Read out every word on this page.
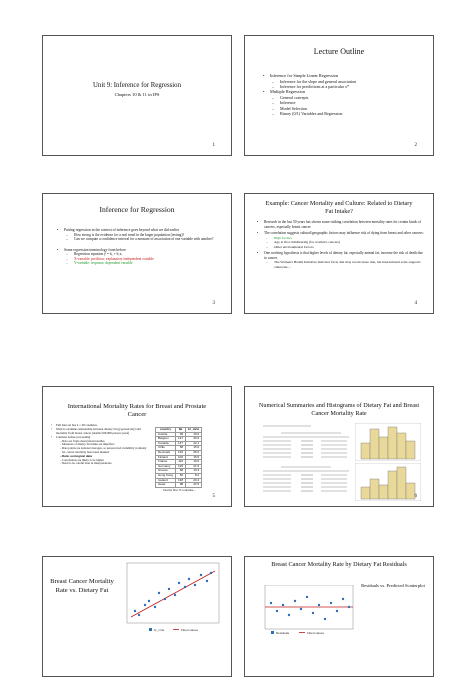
Unit 9: Inference for Regression
Chapters 10 & 11 in IPS
1
Lecture Outline
• Inference for Simple Linear Regression
– Inference for the slope and general association
– Inference for predictions at a particular x*
• Multiple Regression
– General concepts
– Inference
– Model Selection
– Binary (0/1) Variables and Regression
2
Inference for Regression
• Putting regression in the context of inference goes beyond what we did earlier
– How strong is the evidence for a real trend in the larger population (testing)?
– Can we compute a confidence interval for a measure of association of one variable with another?
• Some regression terminology from before
– Regression equation ŷ = b₀ + b₁x,
– X-variable: predictor, explanatory/independent variable
– Y-variable: response, dependent variable
3
Example: Cancer Mortality and Culture: Related to Dietary Fat Intake?
• Research in the last 50 years has shown some striking correlation between mortality rates for certain kinds of cancers, especially breast cancer
• The correlation suggests cultural/geographic factors may influence risk of dying from breast and other cancers:
– High fat diet
– Age at first childbearing (for women's cancers)
– Other environmental factors
• One working hypothesis is that higher levels of dietary fat, especially animal fat, increase the risk of death due to cancer.
– The Women's Health Initiative indicates fat in diet may not increase risk, but international scale supports otherwise…
4
International Mortality Rates for Breast and Prostate Cancer
• Full data set has n = 28 countries.
• Want to examine relationship between dietary fat (g/person/day) and mortality from breast cancer (deaths/100,000 person years)
• Cautions before proceeding
– Data are from observational studies
– Measures of dietary fat intake are imperfect
– Data points are national averages, so person level variability in dietary fat, cancer mortality have been masked
– Data: ecological data
– Correlations are likely to be higher
– Need to be careful later in interpretations.
country	fat	br_mrte
Austria	99	19.0
Belgium	127	26.0
Canada	147	22.1
Chile	58	15.0
Denmark	136	25.0
Finland	106	15.5
France	116	19.0
Germany	125	21.5
Greece	68	10.3
Hong Kong	60	8.2
Iceland	138	20.4
Israel	98	22.5
Just the first 13 countries…
5
Numerical Summaries and Histograms of Dietary Fat and Breast Cancer Mortality Rate
6
Breast Cancer Mortality Rate vs. Dietary Fat
br_mrte	Fitted values
Breast Cancer Mortality Rate by Dietary Fat Residuals
Residuals vs. Predicted Scatterplot
Residuals	Fitted values
